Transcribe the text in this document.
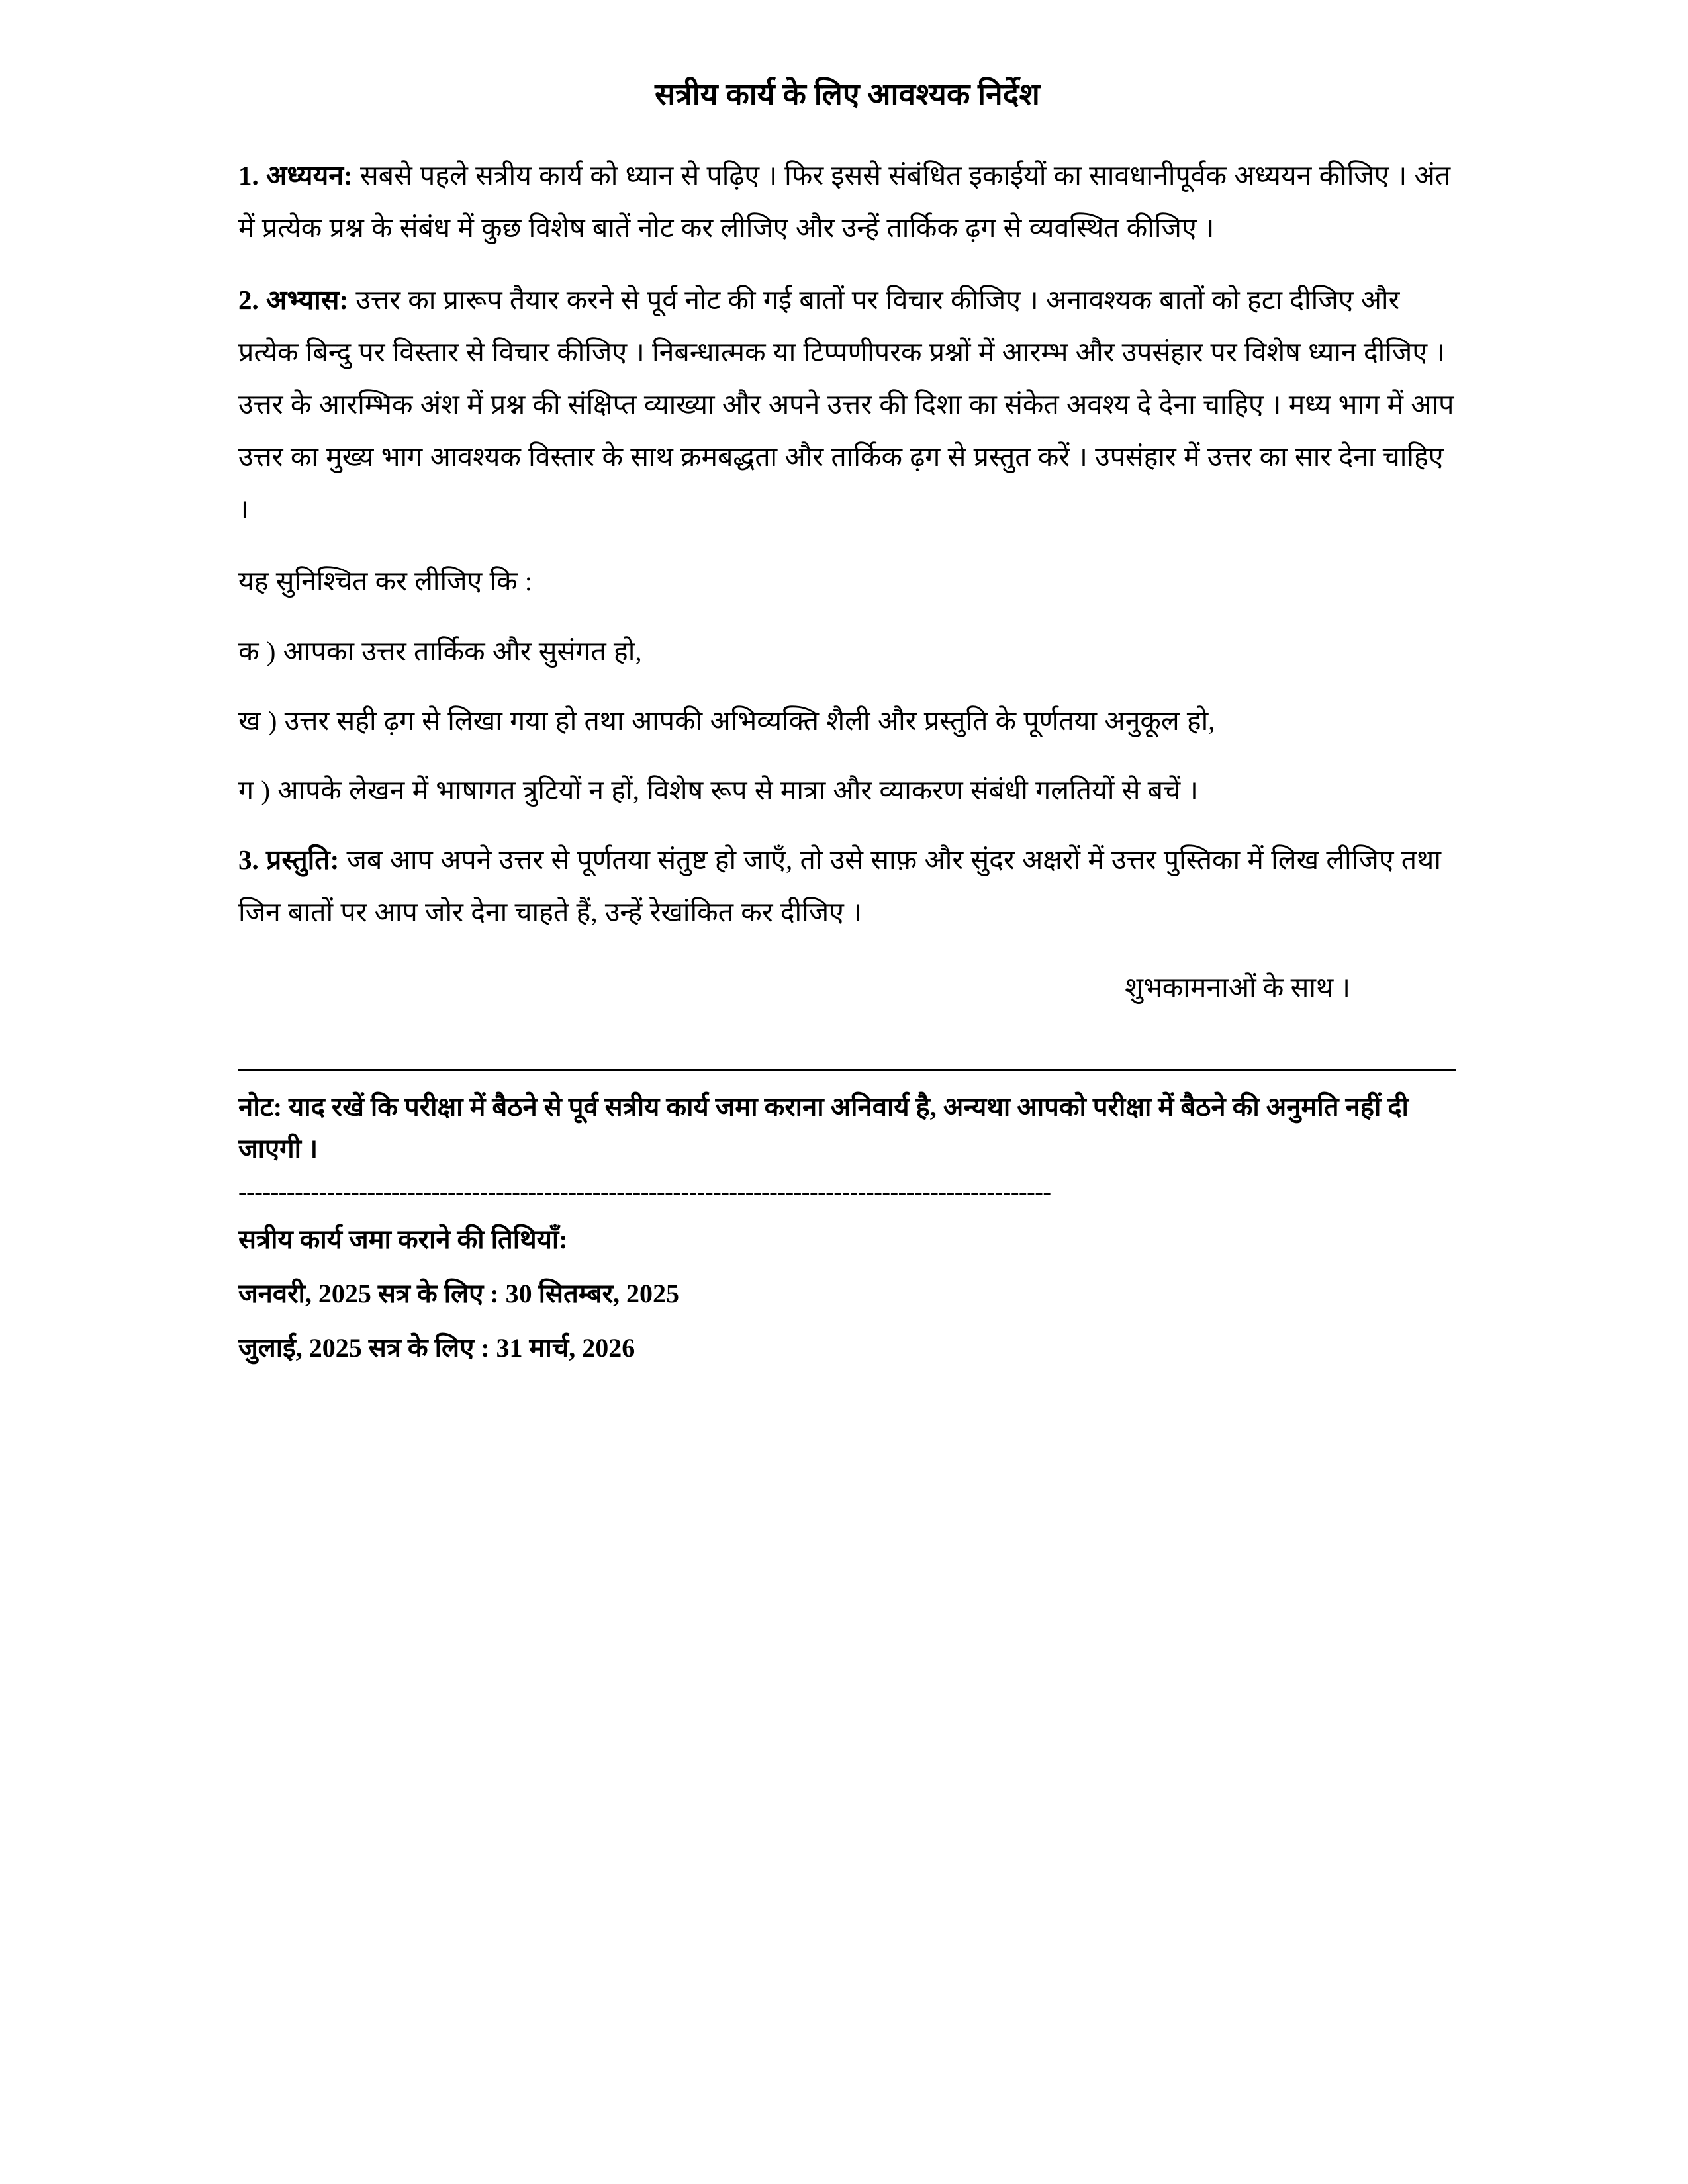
सत्रीय कार्य के लिए आवश्यक निर्देश

1. अध्ययन: सबसे पहले सत्रीय कार्य को ध्यान से पढ़िए । फिर इससे संबंधित इकाईयों का सावधानीपूर्वक अध्ययन कीजिए । अंत में प्रत्येक प्रश्न के संबंध में कुछ विशेष बातें नोट कर लीजिए और उन्हें तार्किक ढ़ग से व्यवस्थित कीजिए ।

2. अभ्यास: उत्तर का प्रारूप तैयार करने से पूर्व नोट की गई बातों पर विचार कीजिए । अनावश्यक बातों को हटा दीजिए और प्रत्येक बिन्दु पर विस्तार से विचार कीजिए । निबन्धात्मक या टिप्पणीपरक प्रश्नों में आरम्भ और उपसंहार पर विशेष ध्यान दीजिए । उत्तर के आरम्भिक अंश में प्रश्न की संक्षिप्त व्याख्या और अपने उत्तर की दिशा का संकेत अवश्य दे देना चाहिए । मध्य भाग में आप उत्तर का मुख्य भाग आवश्यक विस्तार के साथ क्रमबद्धता और तार्किक ढ़ग से प्रस्तुत करें । उपसंहार में उत्तर का सार देना चाहिए ।

यह सुनिश्चित कर लीजिए कि :

क ) आपका उत्तर तार्किक और सुसंगत हो,

ख ) उत्तर सही ढ़ग से लिखा गया हो तथा आपकी अभिव्यक्ति शैली और प्रस्तुति के पूर्णतया अनुकूल हो,

ग ) आपके लेखन में भाषागत त्रुटियों न हों, विशेष रूप से मात्रा और व्याकरण संबंधी गलतियों से बचें ।

3. प्रस्तुति: जब आप अपने उत्तर से पूर्णतया संतुष्ट हो जाएँ, तो उसे साफ़ और सुंदर अक्षरों में उत्तर पुस्तिका में लिख लीजिए तथा जिन बातों पर आप जोर देना चाहते हैं, उन्हें रेखांकित कर दीजिए ।

शुभकामनाओं के साथ ।

नोट: याद रखें कि परीक्षा में बैठने से पूर्व सत्रीय कार्य जमा कराना अनिवार्य है, अन्यथा आपको परीक्षा में बैठने की अनुमति नहीं दी जाएगी ।

-----------------------------------------------------------------------------------------------------

सत्रीय कार्य जमा कराने की तिथियाँ:

जनवरी, 2025 सत्र के लिए : 30 सितम्बर, 2025

जुलाई, 2025 सत्र के लिए : 31 मार्च, 2026
